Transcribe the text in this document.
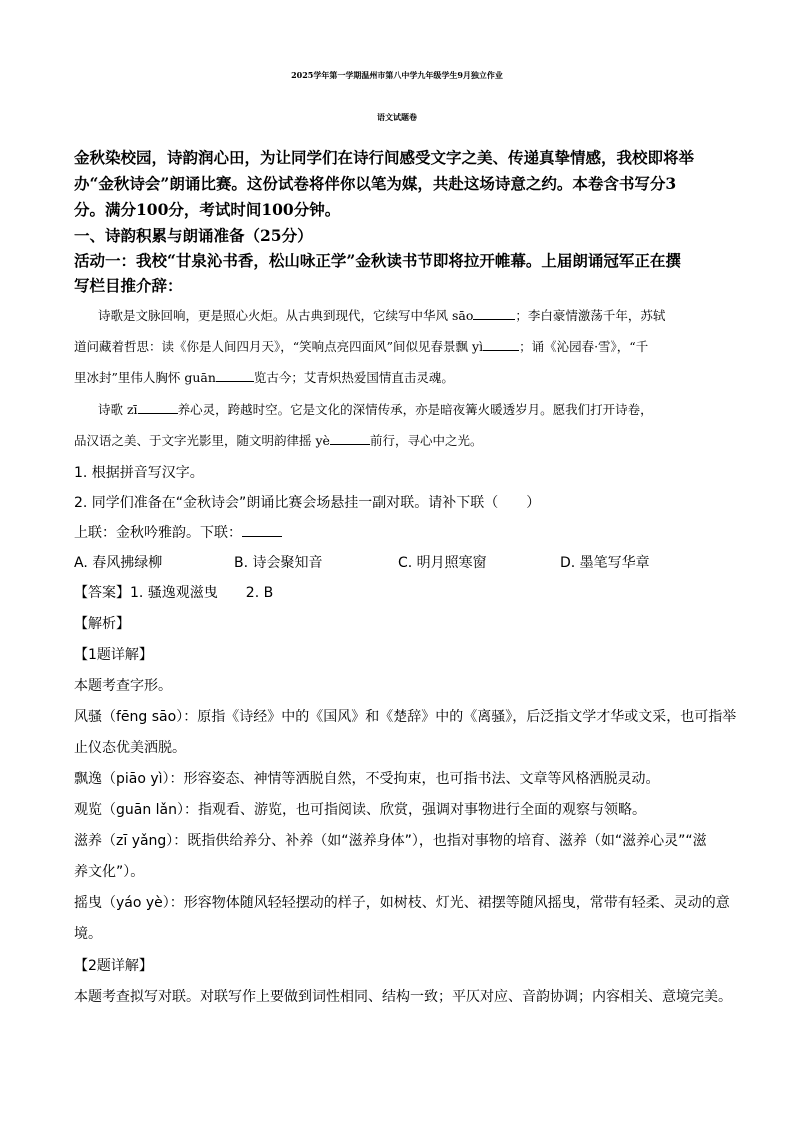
2025学年第一学期温州市第八中学九年级学生9月独立作业
语文试题卷
金秋染校园，诗韵润心田，为让同学们在诗行间感受文字之美、传递真挚情感，我校即将举
办“金秋诗会”朗诵比赛。这份试卷将伴你以笔为媒，共赴这场诗意之约。本卷含书写分3
分。满分100分，考试时间100分钟。
一、诗韵积累与朗诵准备（25分）
活动一：我校“甘泉沁书香，松山咏正学”金秋读书节即将拉开帷幕。上届朗诵冠军正在撰
写栏目推介辞：
诗歌是文脉回响，更是照心火炬。从古典到现代，它续写中华风 sāo	；李白豪情激荡千年，苏轼
道问藏着哲思：读《你是人间四月天》，“笑响点亮四面风”间似见春景飘 yì	；诵《沁园春·雪》，“千
里冰封”里伟人胸怀 guān	览古今；艾青炽热爱国情直击灵魂。
诗歌 zī	养心灵，跨越时空。它是文化的深情传承，亦是暗夜篝火暖透岁月。愿我们打开诗卷，
品汉语之美、于文字光影里，随文明韵律摇 yè	前行，寻心中之光。
1. 根据拼音写汉字。
2. 同学们准备在“金秋诗会”朗诵比赛会场悬挂一副对联。请补下联（　　）
上联：金秋吟雅韵。下联：
A. 春风拂绿柳	B. 诗会聚知音	C. 明月照寒窗	D. 墨笔写华章
【答案】1. 骚逸观滋曳　　2. B
【解析】
【1题详解】
本题考查字形。
风骚（fēng sāo）：原指《诗经》中的《国风》和《楚辞》中的《离骚》，后泛指文学才华或文采，也可指举
止仪态优美洒脱。
飘逸（piāo yì）：形容姿态、神情等洒脱自然，不受拘束，也可指书法、文章等风格洒脱灵动。
观览（guān lǎn）：指观看、游览，也可指阅读、欣赏，强调对事物进行全面的观察与领略。
滋养（zī yǎng）：既指供给养分、补养（如“滋养身体”），也指对事物的培育、滋养（如“滋养心灵”“滋
养文化”）。
摇曳（yáo yè）：形容物体随风轻轻摆动的样子，如树枝、灯光、裙摆等随风摇曳，常带有轻柔、灵动的意
境。
【2题详解】
本题考查拟写对联。对联写作上要做到词性相同、结构一致；平仄对应、音韵协调；内容相关、意境完美。
